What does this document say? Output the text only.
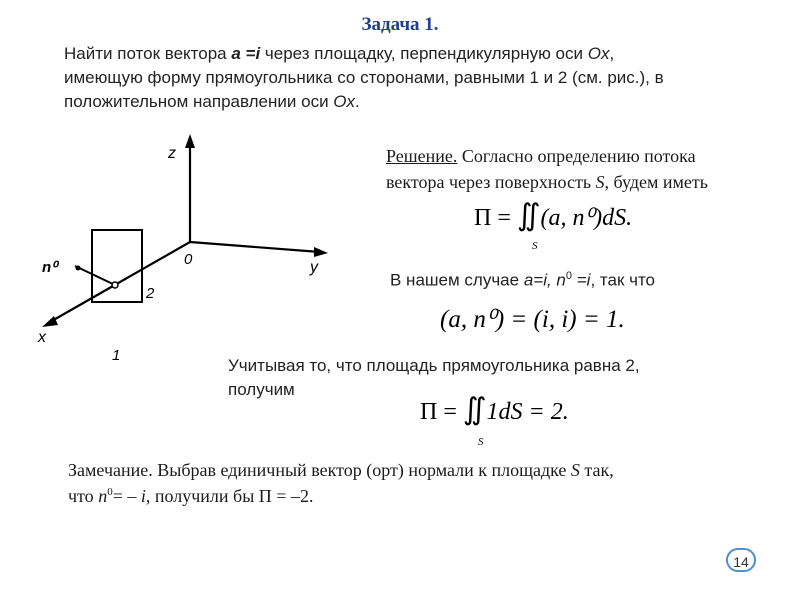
Задача 1.
Найти поток вектора a =i через площадку, перпендикулярную оси Ox,
имеющую форму прямоугольника со сторонами, равными 1 и 2 (см. рис.), в
положительном направлении оси Ox.
z
y
x
0
n⁰
2
1
Решение. Согласно определению потока
вектора через поверхность S, будем иметь
Π = ∬(a, n⁰)dS.
S
В нашем случае a=i, $n^0 =i$, так что
(a, n⁰) = (i, i) = 1.
Учитывая то, что площадь прямоугольника равна 2,
получим
Π = ∬1dS = 2.
S
Замечание. Выбрав единичный вектор (орт) нормали к площадке S так,
что $n^0= - i$, получили бы Π = –2.
14
